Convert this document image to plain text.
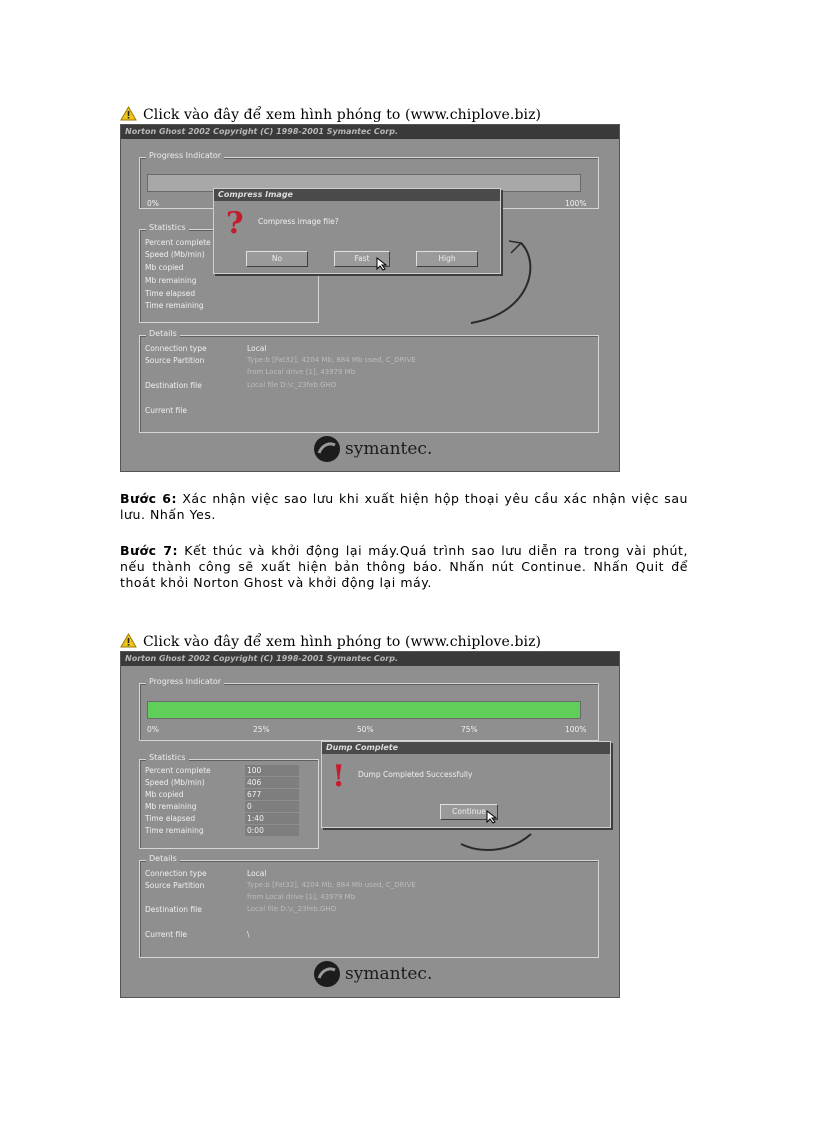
Click vào đây để xem hình phóng to (www.chiplove.biz)
Norton Ghost 2002 Copyright (C) 1998-2001 Symantec Corp.
Progress Indicator
0%	100%
Statistics
Percent complete
Speed (Mb/min)
Mb copied
Mb remaining
Time elapsed
Time remaining
Details
Connection type	Local
Source Partition	Type:b [Fat32], 4204 Mb, 884 Mb used, C_DRIVE
from Local drive [1], 43979 Mb
Destination file	Local file D:\c_23feb.GHO
Current file
symantec.
Compress Image
? Compress image file?
No	Fast	High
Bước 6: Xác nhận việc sao lưu khi xuất hiện hộp thoại yêu cầu xác nhận việc sau lưu. Nhấn Yes.
Bước 7: Kết thúc và khởi động lại máy.Quá trình sao lưu diễn ra trong vài phút, nếu thành công sẽ xuất hiện bản thông báo. Nhấn nút Continue. Nhấn Quit để thoát khỏi Norton Ghost và khởi động lại máy.
Click vào đây để xem hình phóng to (www.chiplove.biz)
Norton Ghost 2002 Copyright (C) 1998-2001 Symantec Corp.
Progress Indicator
0%	25%	50%	75%	100%
Statistics
Percent complete	100
Speed (Mb/min)	406
Mb copied	677
Mb remaining	0
Time elapsed	1:40
Time remaining	0:00
Details
Connection type	Local
Source Partition	Type:b [Fat32], 4204 Mb, 884 Mb used, C_DRIVE
from Local drive [1], 43979 Mb
Destination file	Local file D:\c_23feb.GHO
Current file	\
symantec.
Dump Complete
! Dump Completed Successfully
Continue
